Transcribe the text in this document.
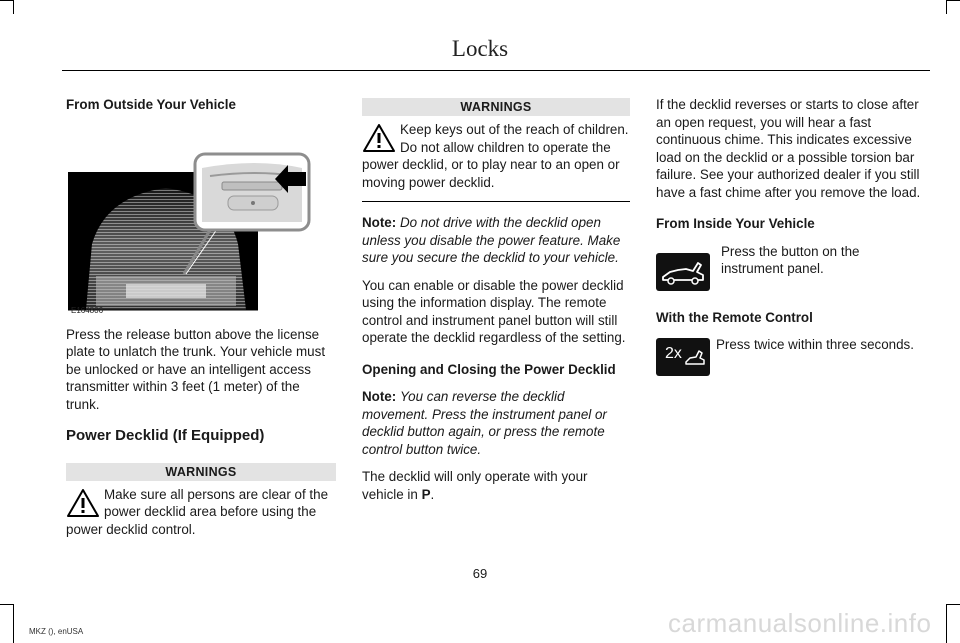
Locks
From Outside Your Vehicle
E164806

Press the release button above the license plate to unlatch the trunk. Your vehicle must be unlocked or have an intelligent access transmitter within 3 feet (1 meter) of the trunk.

Power Decklid (If Equipped)
WARNINGS
Make sure all persons are clear of the power decklid area before using the power decklid control.
WARNINGS
Keep keys out of the reach of children. Do not allow children to operate the power decklid, or to play near to an open or moving power decklid.

Note: Do not drive with the decklid open unless you disable the power feature. Make sure you secure the decklid to your vehicle.

You can enable or disable the power decklid using the information display. The remote control and instrument panel button will still operate the decklid regardless of the setting.

Opening and Closing the Power Decklid

Note: You can reverse the decklid movement. Press the instrument panel or decklid button again, or press the remote control button twice.

The decklid will only operate with your vehicle in P.

If the decklid reverses or starts to close after an open request, you will hear a fast continuous chime. This indicates excessive load on the decklid or a possible torsion bar failure. See your authorized dealer if you still have a fast chime after you remove the load.

From Inside Your Vehicle
Press the button on the instrument panel.
With the Remote Control
2x
Press twice within three seconds.
69
MKZ (), enUSA	carmanualsonline.info
